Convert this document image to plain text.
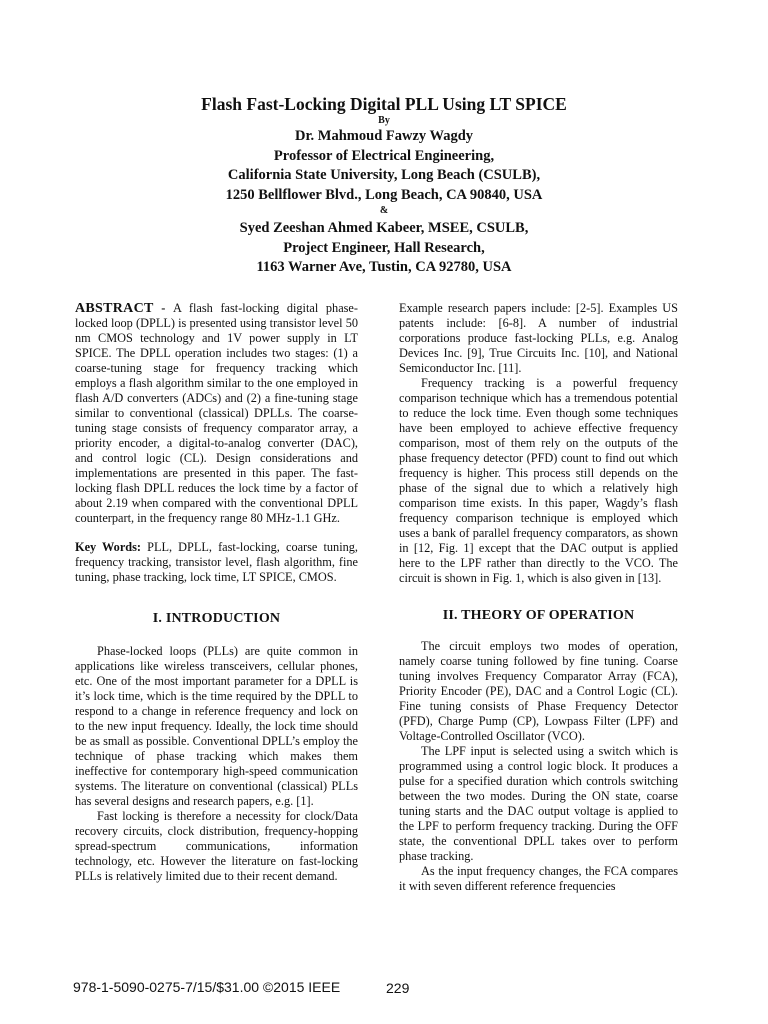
Flash Fast-Locking Digital PLL Using LT SPICE
By
Dr. Mahmoud Fawzy Wagdy
Professor of Electrical Engineering,
California State University, Long Beach (CSULB),
1250 Bellflower Blvd., Long Beach, CA 90840, USA
&
Syed Zeeshan Ahmed Kabeer, MSEE, CSULB,
Project Engineer, Hall Research,
1163 Warner Ave, Tustin, CA 92780, USA

ABSTRACT - A flash fast-locking digital phase-locked loop (DPLL) is presented using transistor level 50 nm CMOS technology and 1V power supply in LT SPICE. The DPLL operation includes two stages: (1) a coarse-tuning stage for frequency tracking which employs a flash algorithm similar to the one employed in flash A/D converters (ADCs) and (2) a fine-tuning stage similar to conventional (classical) DPLLs. The coarse-tuning stage consists of frequency comparator array, a priority encoder, a digital-to-analog converter (DAC), and control logic (CL). Design considerations and implementations are presented in this paper. The fast-locking flash DPLL reduces the lock time by a factor of about 2.19 when compared with the conventional DPLL counterpart, in the frequency range 80 MHz-1.1 GHz.

Key Words: PLL, DPLL, fast-locking, coarse tuning, frequency tracking, transistor level, flash algorithm, fine tuning, phase tracking, lock time, LT SPICE, CMOS.

I. INTRODUCTION

Phase-locked loops (PLLs) are quite common in applications like wireless transceivers, cellular phones, etc. One of the most important parameter for a DPLL is it’s lock time, which is the time required by the DPLL to respond to a change in reference frequency and lock on to the new input frequency. Ideally, the lock time should be as small as possible. Conventional DPLL’s employ the technique of phase tracking which makes them ineffective for contemporary high-speed communication systems. The literature on conventional (classical) PLLs has several designs and research papers, e.g. [1].

Fast locking is therefore a necessity for clock/Data recovery circuits, clock distribution, frequency-hopping spread-spectrum communications, information technology, etc. However the literature on fast-locking PLLs is relatively limited due to their recent demand.

Example research papers include: [2-5]. Examples US patents include: [6-8]. A number of industrial corporations produce fast-locking PLLs, e.g. Analog Devices Inc. [9], True Circuits Inc. [10], and National Semiconductor Inc. [11].

Frequency tracking is a powerful frequency comparison technique which has a tremendous potential to reduce the lock time. Even though some techniques have been employed to achieve effective frequency comparison, most of them rely on the outputs of the phase frequency detector (PFD) count to find out which frequency is higher. This process still depends on the phase of the signal due to which a relatively high comparison time exists. In this paper, Wagdy’s flash frequency comparison technique is employed which uses a bank of parallel frequency comparators, as shown in [12, Fig. 1] except that the DAC output is applied here to the LPF rather than directly to the VCO. The circuit is shown in Fig. 1, which is also given in [13].

II. THEORY OF OPERATION

The circuit employs two modes of operation, namely coarse tuning followed by fine tuning. Coarse tuning involves Frequency Comparator Array (FCA), Priority Encoder (PE), DAC and a Control Logic (CL). Fine tuning consists of Phase Frequency Detector (PFD), Charge Pump (CP), Lowpass Filter (LPF) and Voltage-Controlled Oscillator (VCO).

The LPF input is selected using a switch which is programmed using a control logic block. It produces a pulse for a specified duration which controls switching between the two modes. During the ON state, coarse tuning starts and the DAC output voltage is applied to the LPF to perform frequency tracking. During the OFF state, the conventional DPLL takes over to perform phase tracking.

As the input frequency changes, the FCA compares it with seven different reference frequencies

978-1-5090-0275-7/15/$31.00 ©2015 IEEE	229
